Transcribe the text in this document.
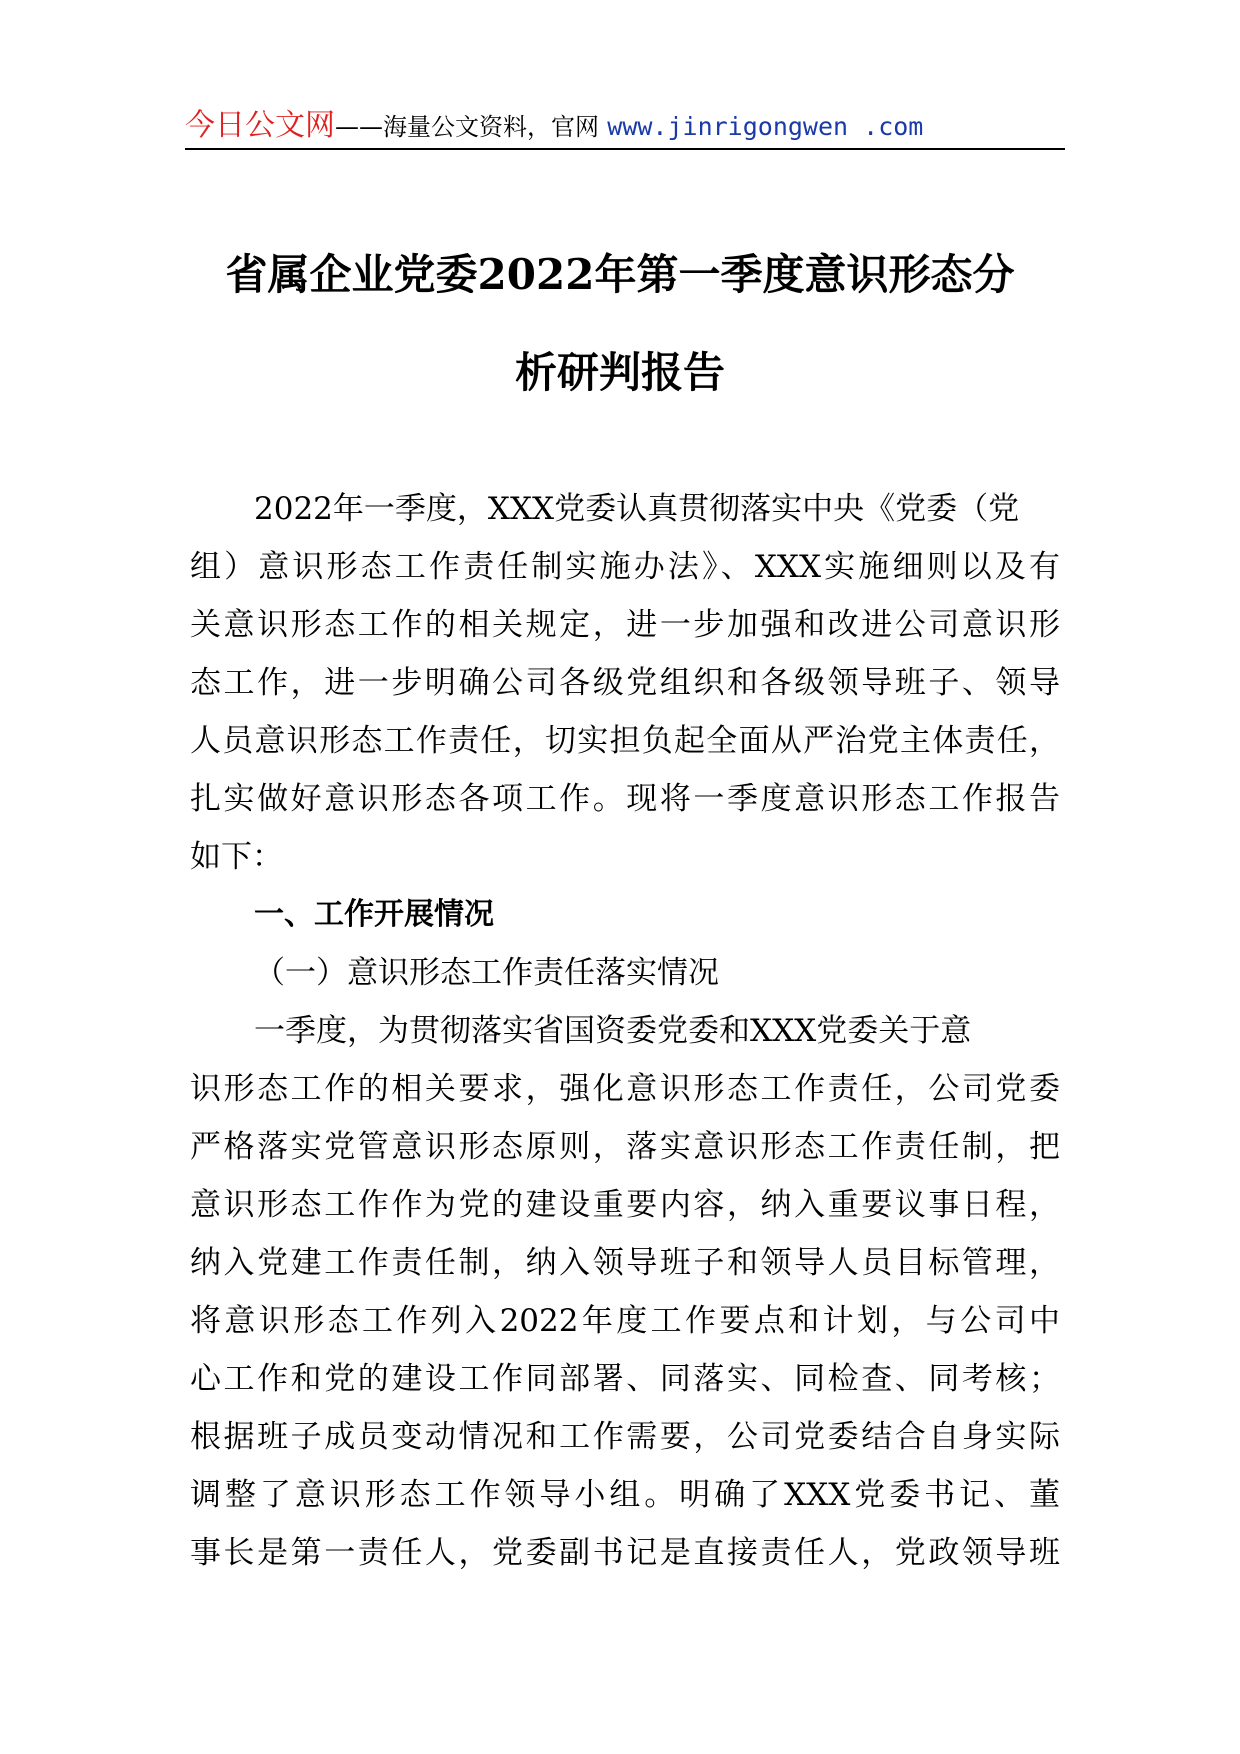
今日公文网——海量公文资料，官网 www.jinrigongwen .com
省属企业党委2022年第一季度意识形态分
析研判报告
2022年一季度，XXX党委认真贯彻落实中央《党委（党
组）意识形态工作责任制实施办法》、XXX实施细则以及有
关意识形态工作的相关规定，进一步加强和改进公司意识形
态工作，进一步明确公司各级党组织和各级领导班子、领导
人员意识形态工作责任，切实担负起全面从严治党主体责任，
扎实做好意识形态各项工作。现将一季度意识形态工作报告
如下：
一、工作开展情况
（一）意识形态工作责任落实情况
一季度，为贯彻落实省国资委党委和XXX党委关于意
识形态工作的相关要求，强化意识形态工作责任，公司党委
严格落实党管意识形态原则，落实意识形态工作责任制，把
意识形态工作作为党的建设重要内容，纳入重要议事日程，
纳入党建工作责任制，纳入领导班子和领导人员目标管理，
将意识形态工作列入2022年度工作要点和计划，与公司中
心工作和党的建设工作同部署、同落实、同检查、同考核；
根据班子成员变动情况和工作需要，公司党委结合自身实际
调整了意识形态工作领导小组。明确了XXX党委书记、董
事长是第一责任人，党委副书记是直接责任人，党政领导班
